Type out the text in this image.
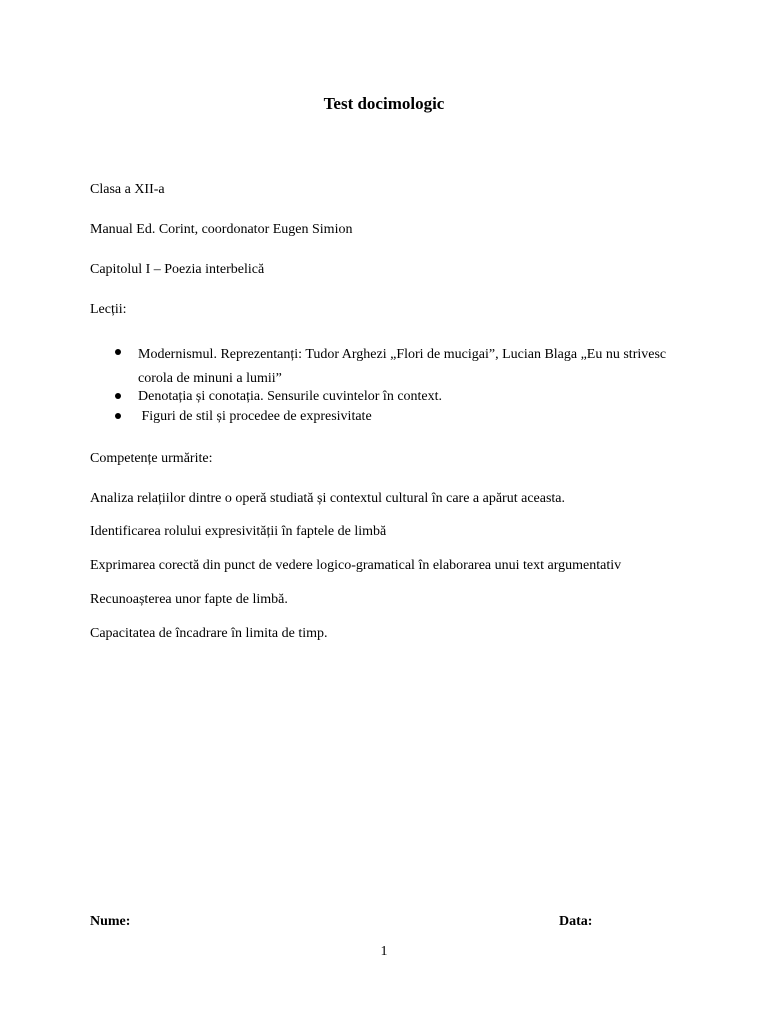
Test docimologic
Clasa a XII-a
Manual Ed. Corint, coordonator Eugen Simion
Capitolul I – Poezia interbelică
Lecții:
Modernismul. Reprezentanți: Tudor Arghezi „Flori de mucigai”, Lucian Blaga „Eu nu strivesc corola de minuni a lumii”
Denotația și conotația. Sensurile cuvintelor în context.
Figuri de stil și procedee de expresivitate
Competențe urmărite:
Analiza relațiilor dintre o operă studiată și contextul cultural în care a apărut aceasta.
Identificarea rolului expresivității în faptele de limbă
Exprimarea corectă din punct de vedere logico-gramatical în elaborarea unui text argumentativ
Recunoașterea unor fapte de limbă.
Capacitatea de încadrare în limita de timp.
Nume:	Data:
1
